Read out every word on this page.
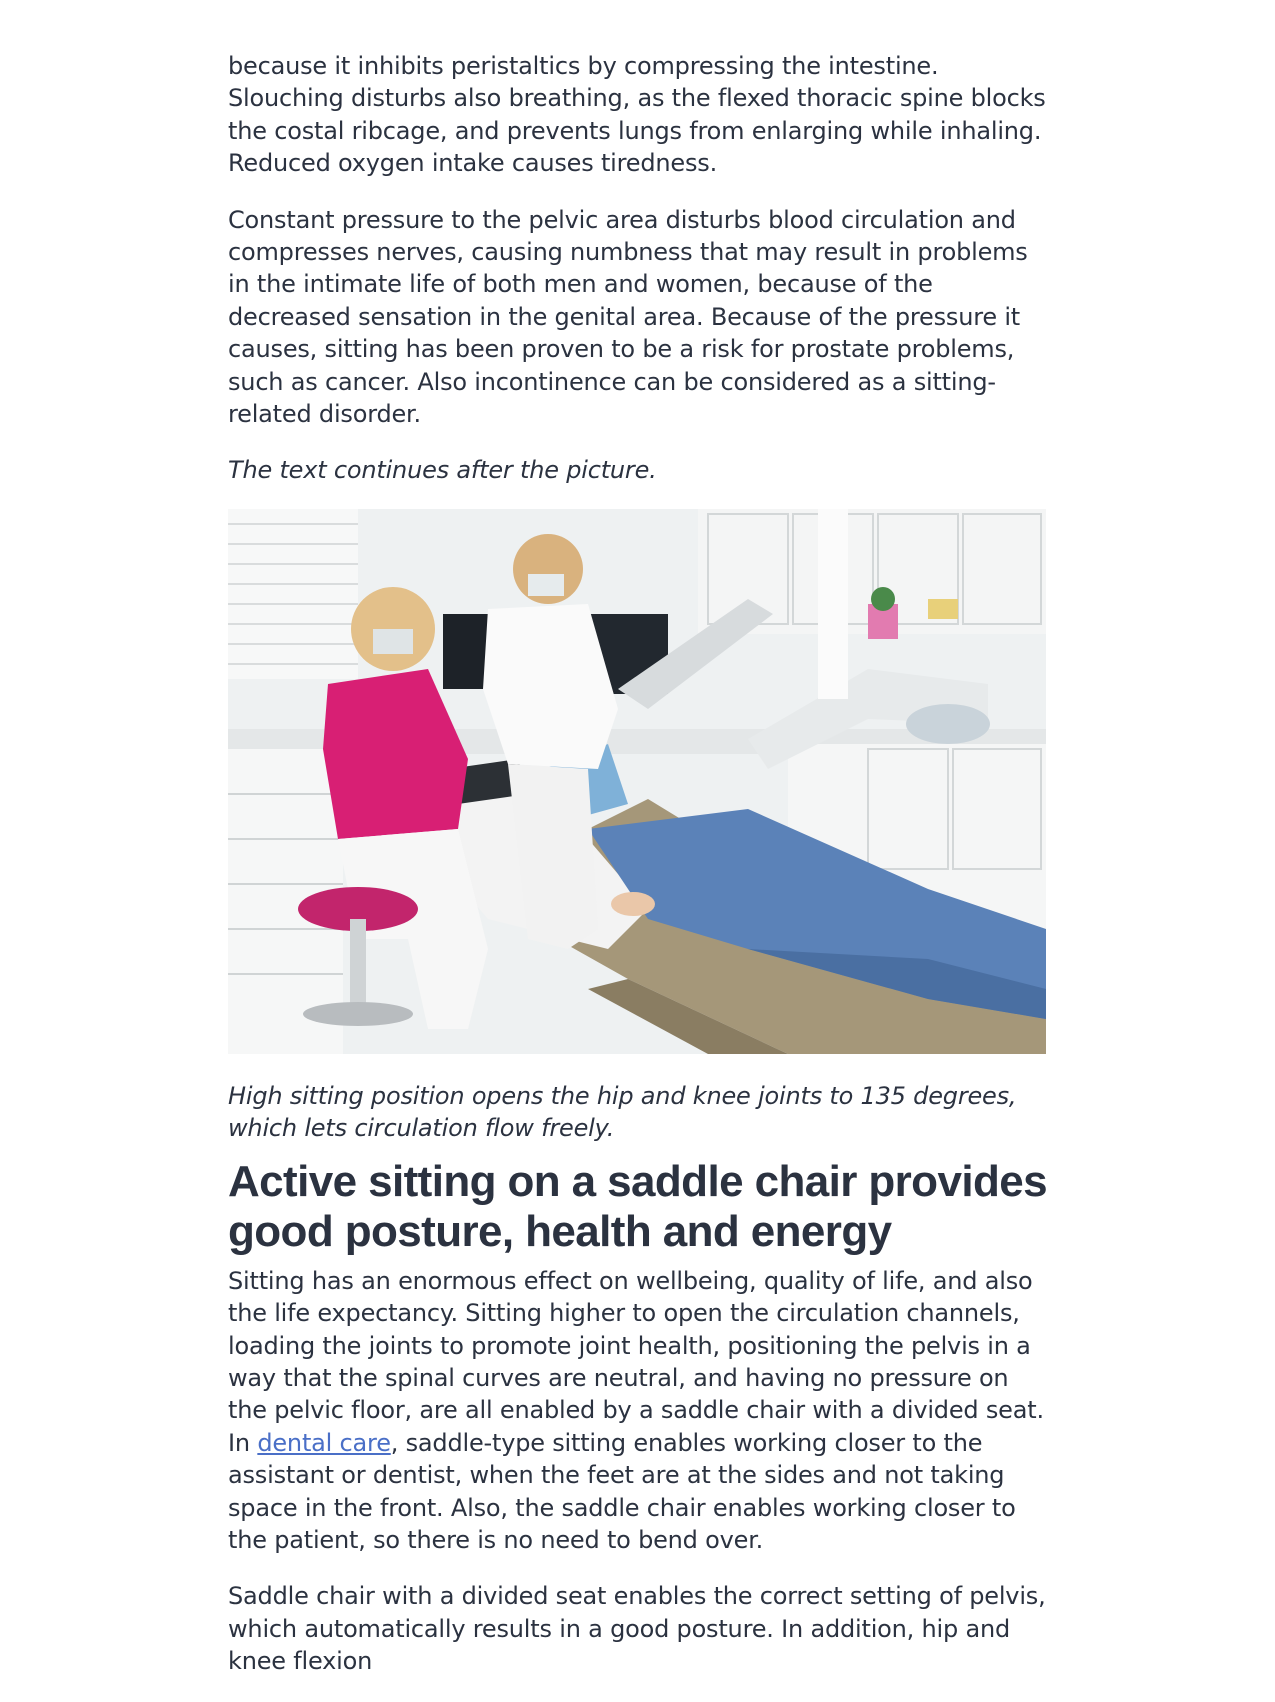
because it inhibits peristaltics by compressing the intestine. Slouching disturbs also breathing, as the flexed thoracic spine blocks the costal ribcage, and prevents lungs from enlarging while inhaling. Reduced oxygen intake causes tiredness.

Constant pressure to the pelvic area disturbs blood circulation and compresses nerves, causing numbness that may result in problems in the intimate life of both men and women, because of the decreased sensation in the genital area. Because of the pressure it causes, sitting has been proven to be a risk for prostate problems, such as cancer. Also incontinence can be considered as a sitting-related disorder.

The text continues after the picture.

High sitting position opens the hip and knee joints to 135 degrees, which lets circulation flow freely.

Active sitting on a saddle chair provides good posture, health and energy

Sitting has an enormous effect on wellbeing, quality of life, and also the life expectancy. Sitting higher to open the circulation channels, loading the joints to promote joint health, positioning the pelvis in a way that the spinal curves are neutral, and having no pressure on the pelvic floor, are all enabled by a saddle chair with a divided seat. In dental care, saddle-type sitting enables working closer to the assistant or dentist, when the feet are at the sides and not taking space in the front. Also, the saddle chair enables working closer to the patient, so there is no need to bend over.

Saddle chair with a divided seat enables the correct setting of pelvis, which automatically results in a good posture. In addition, hip and knee flexion
